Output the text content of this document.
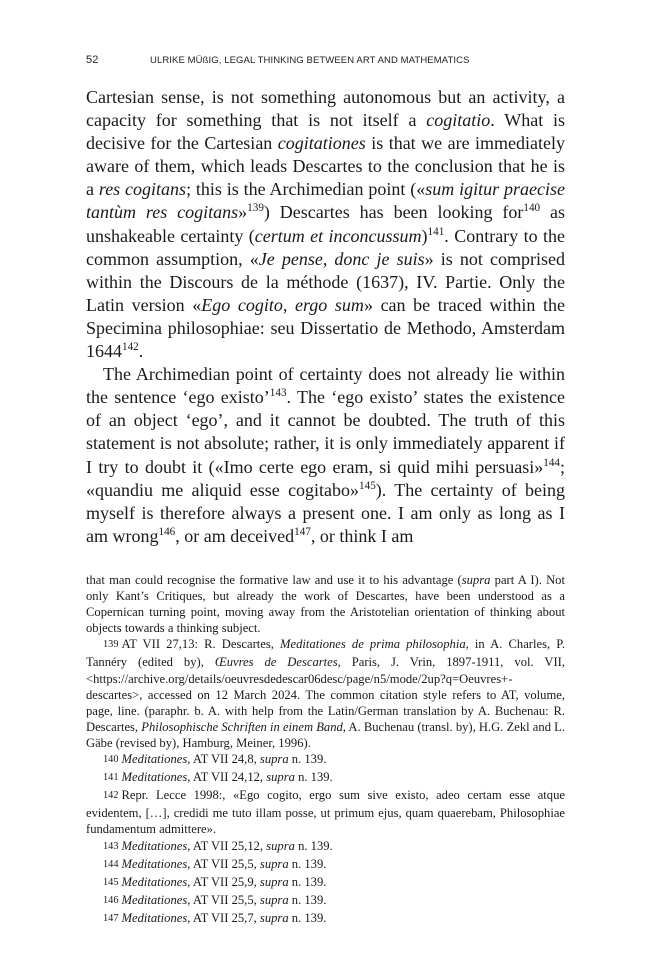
52	ULRIKE MÜßIG, LEGAL THINKING BETWEEN ART AND MATHEMATICS

Cartesian sense, is not something autonomous but an activity, a capacity for something that is not itself a cogitatio. What is decisive for the Cartesian cogitationes is that we are immediately aware of them, which leads Descartes to the conclusion that he is a res cogitans; this is the Archimedian point («sum igitur praecise tantùm res cogitans»$^{139}$) Descartes has been looking for$^{140}$ as unshakeable certainty (certum et inconcussum)$^{141}$. Contrary to the common assumption, «Je pense, donc je suis» is not comprised within the Discours de la méthode (1637), IV. Partie. Only the Latin version «Ego cogito, ergo sum» can be traced within the Specimina philosophiae: seu Dissertatio de Methodo, Amsterdam 1644$^{142}$.

The Archimedian point of certainty does not already lie within the sentence ‘ego existo’$^{143}$. The ‘ego existo’ states the existence of an object ‘ego’, and it cannot be doubted. The truth of this statement is not absolute; rather, it is only immediately apparent if I try to doubt it («Imo certe ego eram, si quid mihi persuasi»$^{144}$; «quandiu me aliquid esse cogitabo»$^{145}$). The certainty of being myself is therefore always a present one. I am only as long as I am wrong$^{146}$, or am deceived$^{147}$, or think I am

that man could recognise the formative law and use it to his advantage (supra part A I). Not only Kant’s Critiques, but already the work of Descartes, have been understood as a Copernican turning point, moving away from the Aristotelian orientation of thinking about objects towards a thinking subject.

139 AT VII 27,13: R. Descartes, Meditationes de prima philosophia, in A. Charles, P. Tannéry (edited by), Œuvres de Descartes, Paris, J. Vrin, 1897-1911, vol. VII, <https://archive.org/details/oeuvresdedescar06desc/page/n5/mode/2up?q=Oeuvres+-descartes>, accessed on 12 March 2024. The common citation style refers to AT, volume, page, line. (paraphr. b. A. with help from the Latin/German translation by A. Buchenau: R. Descartes, Philosophische Schriften in einem Band, A. Buchenau (transl. by), H.G. Zekl and L. Gäbe (revised by), Hamburg, Meiner, 1996).

140 Meditationes, AT VII 24,8, supra n. 139.

141 Meditationes, AT VII 24,12, supra n. 139.

142 Repr. Lecce 1998:, «Ego cogito, ergo sum sive existo, adeo certam esse atque evidentem, […], credidi me tuto illam posse, ut primum ejus, quam quaerebam, Philosophiae fundamentum admittere».

143 Meditationes, AT VII 25,12, supra n. 139.

144 Meditationes, AT VII 25,5, supra n. 139.

145 Meditationes, AT VII 25,9, supra n. 139.

146 Meditationes, AT VII 25,5, supra n. 139.

147 Meditationes, AT VII 25,7, supra n. 139.
